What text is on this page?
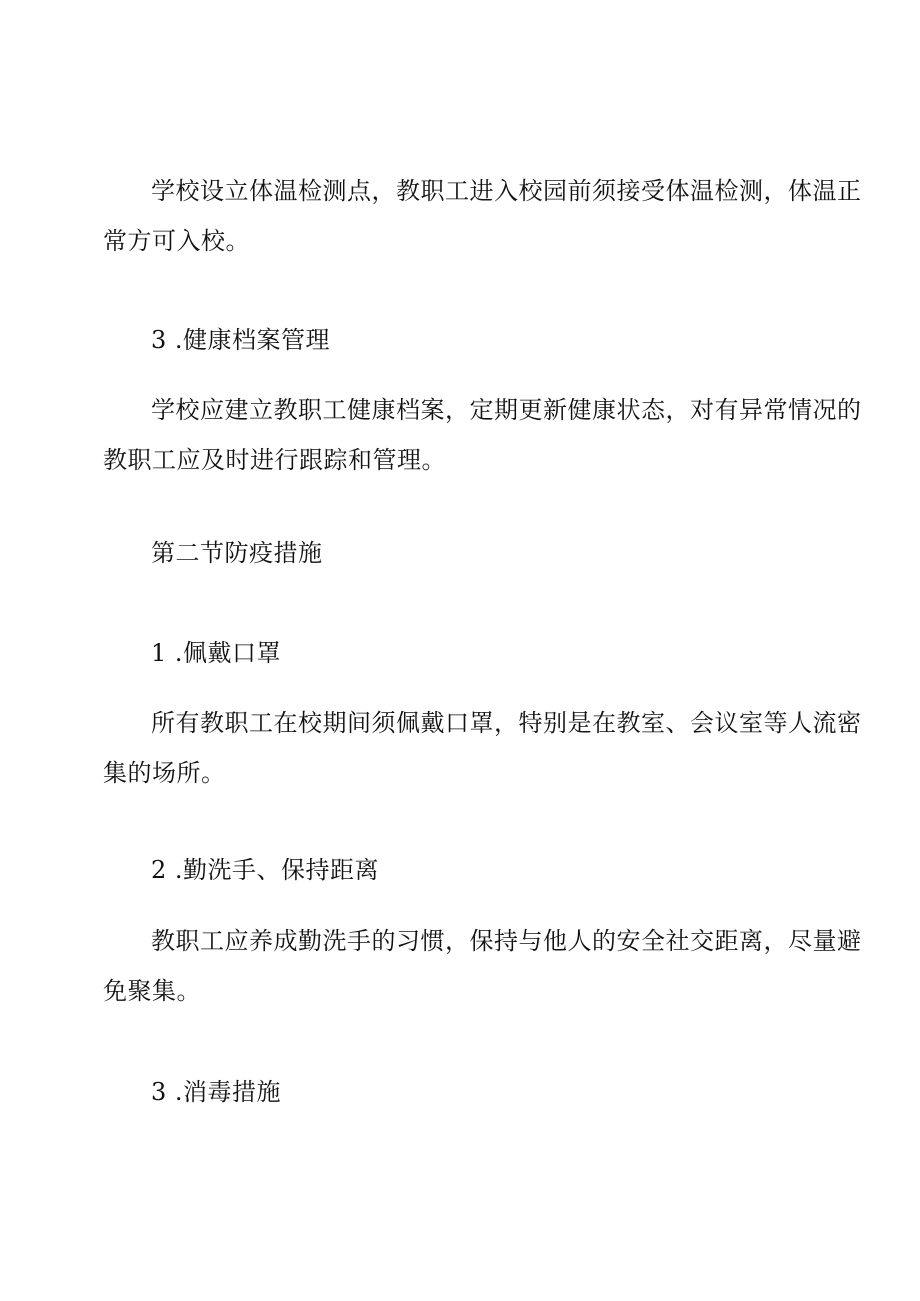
学校设立体温检测点，教职工进入校园前须接受体温检测，体温正
常方可入校。

3 .健康档案管理

学校应建立教职工健康档案，定期更新健康状态，对有异常情况的
教职工应及时进行跟踪和管理。

第二节防疫措施

1 .佩戴口罩

所有教职工在校期间须佩戴口罩，特别是在教室、会议室等人流密
集的场所。

2 .勤洗手、保持距离

教职工应养成勤洗手的习惯，保持与他人的安全社交距离，尽量避
免聚集。

3 .消毒措施
